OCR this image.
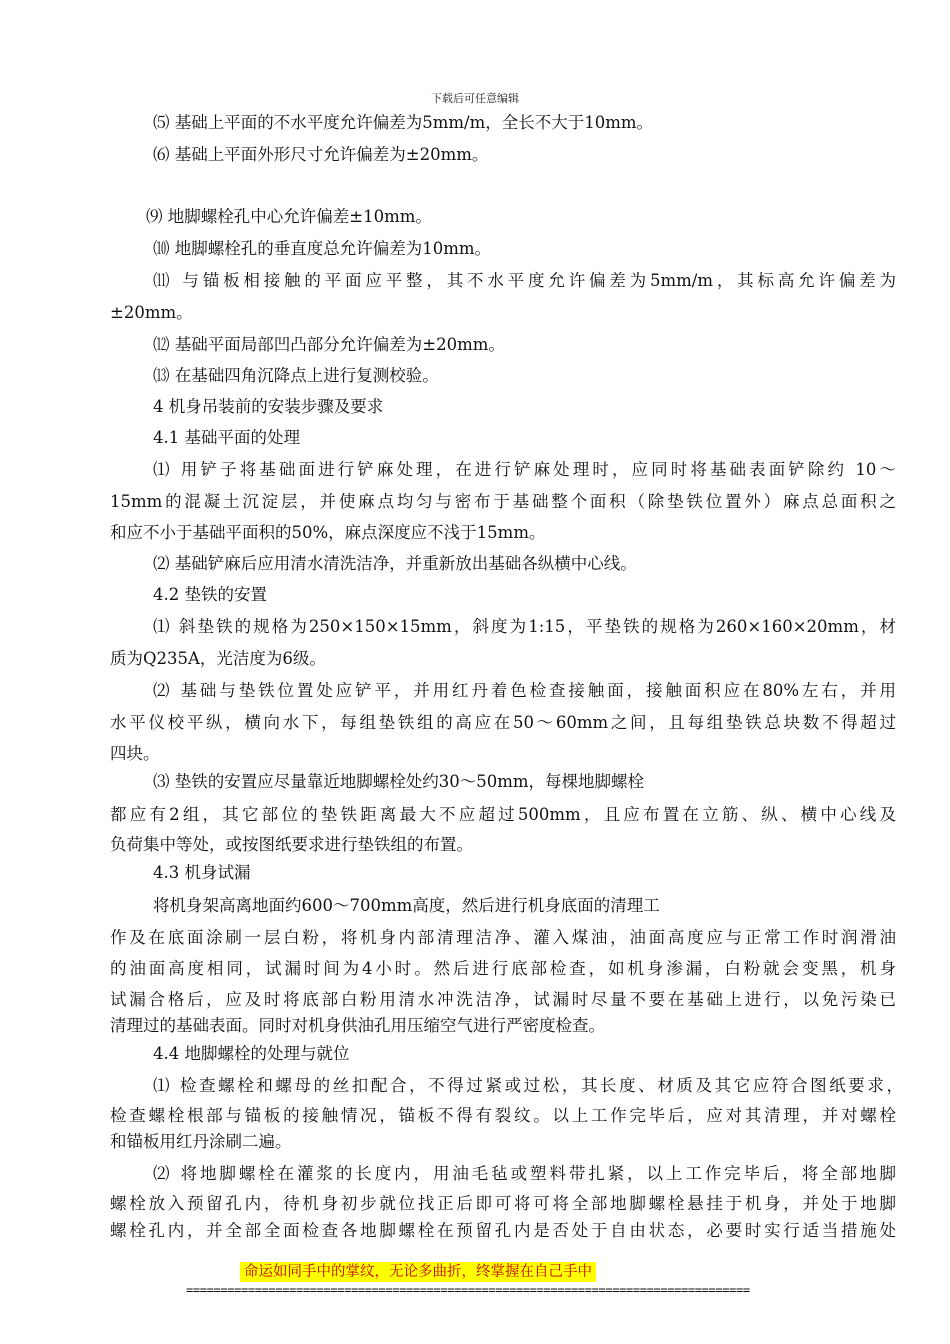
下载后可任意编辑
⑸ 基础上平面的不水平度允许偏差为5mm/m，全长不大于10mm。
⑹ 基础上平面外形尺寸允许偏差为±20mm。
⑼ 地脚螺栓孔中心允许偏差±10mm。
⑽ 地脚螺栓孔的垂直度总允许偏差为10mm。
⑾ 与锚板相接触的平面应平整，其不水平度允许偏差为5mm/m，其标高允许偏差为
±20mm。
⑿ 基础平面局部凹凸部分允许偏差为±20mm。
⒀ 在基础四角沉降点上进行复测校验。
4 机身吊装前的安装步骤及要求
4.1 基础平面的处理
⑴ 用铲子将基础面进行铲麻处理，在进行铲麻处理时，应同时将基础表面铲除约 10～
15mm的混凝土沉淀层，并使麻点均匀与密布于基础整个面积（除垫铁位置外）麻点总面积之
和应不小于基础平面积的50%，麻点深度应不浅于15mm。
⑵ 基础铲麻后应用清水清洗洁净，并重新放出基础各纵横中心线。
4.2 垫铁的安置
⑴ 斜垫铁的规格为250×150×15mm，斜度为1:15，平垫铁的规格为260×160×20mm，材
质为Q235A，光洁度为6级。
⑵ 基础与垫铁位置处应铲平，并用红丹着色检查接触面，接触面积应在80%左右，并用
水平仪校平纵，横向水下，每组垫铁组的高应在50～60mm之间，且每组垫铁总块数不得超过
四块。
⑶ 垫铁的安置应尽量靠近地脚螺栓处约30～50mm，每棵地脚螺栓
都应有2组，其它部位的垫铁距离最大不应超过500mm，且应布置在立筋、纵、横中心线及
负荷集中等处，或按图纸要求进行垫铁组的布置。
4.3 机身试漏
将机身架高离地面约600～700mm高度，然后进行机身底面的清理工
作及在底面涂刷一层白粉，将机身内部清理洁净、灌入煤油，油面高度应与正常工作时润滑油
的油面高度相同，试漏时间为4小时。然后进行底部检查，如机身渗漏，白粉就会变黑，机身
试漏合格后，应及时将底部白粉用清水冲洗洁净，试漏时尽量不要在基础上进行，以免污染已
清理过的基础表面。同时对机身供油孔用压缩空气进行严密度检查。
4.4 地脚螺栓的处理与就位
⑴ 检查螺栓和螺母的丝扣配合，不得过紧或过松，其长度、材质及其它应符合图纸要求，
检查螺栓根部与锚板的接触情况，锚板不得有裂纹。以上工作完毕后，应对其清理，并对螺栓
和锚板用红丹涂刷二遍。
⑵ 将地脚螺栓在灌浆的长度内，用油毛毡或塑料带扎紧，以上工作完毕后，将全部地脚
螺栓放入预留孔内，待机身初步就位找正后即可将可将全部地脚螺栓悬挂于机身，并处于地脚
螺栓孔内，并全部全面检查各地脚螺栓在预留孔内是否处于自由状态，必要时实行适当措施处
命运如同手中的掌纹，无论多曲折，终掌握在自己手中
==================================================================================
